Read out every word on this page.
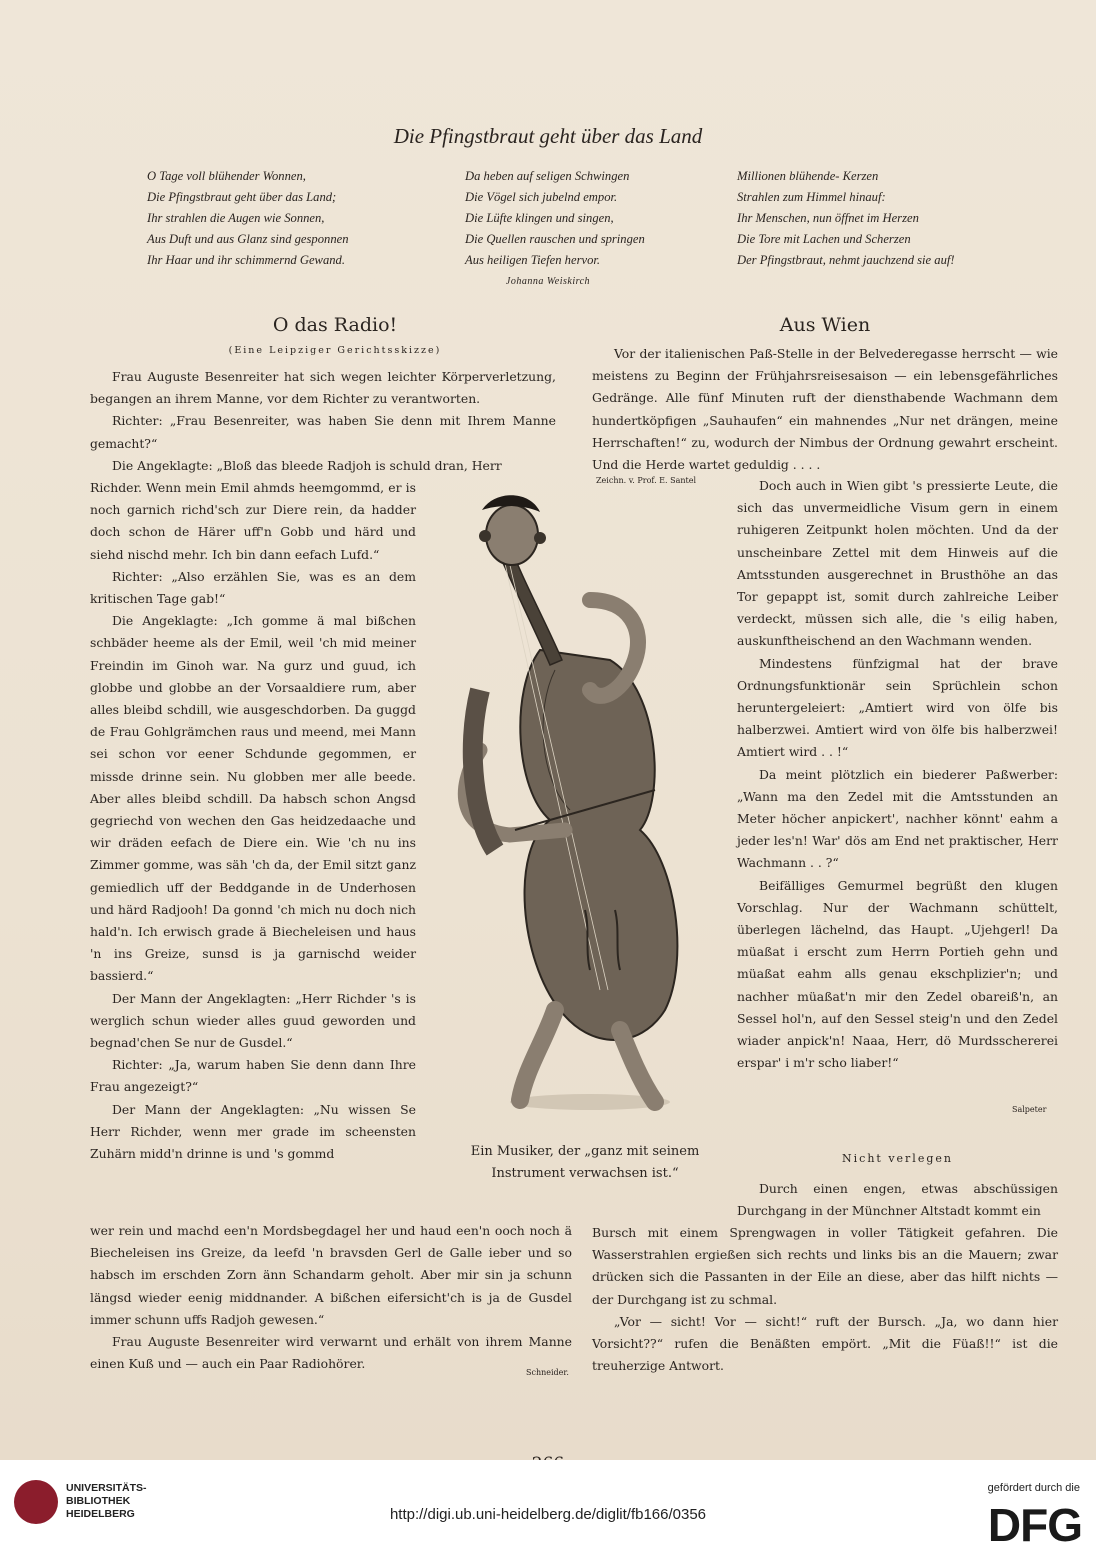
Die Pfingstbraut geht über das Land
O Tage voll blühender Wonnen,
Die Pfingstbraut geht über das Land;
Ihr strahlen die Augen wie Sonnen,
Aus Duft und aus Glanz sind gesponnen
Ihr Haar und ihr schimmernd Gewand.
Da heben auf seligen Schwingen
Die Vögel sich jubelnd empor.
Die Lüfte klingen und singen,
Die Quellen rauschen und springen
Aus heiligen Tiefen hervor.
Millionen blühende- Kerzen
Strahlen zum Himmel hinauf:
Ihr Menschen, nun öffnet im Herzen
Die Tore mit Lachen und Scherzen
Der Pfingstbraut, nehmt jauchzend sie auf!
Johanna Weiskirch
O das Radio!
(Eine Leipziger Gerichtsskizze)

Frau Auguste Besenreiter hat sich wegen leichter Körperverletzung, begangen an ihrem Manne, vor dem Richter zu verantworten.

Richter: „Frau Besenreiter, was haben Sie denn mit Ihrem Manne gemacht?“

Die Angeklagte: „Bloß das bleede Radjoh is schuld dran, Herr

Richder. Wenn mein Emil ahmds heemgommd, er is noch garnich richd'sch zur Diere rein, da hadder doch schon de Härer uff'n Gobb und härd und siehd nischd mehr. Ich bin dann eefach Lufd.“

Richter: „Also erzählen Sie, was es an dem kritischen Tage gab!“

Die Angeklagte: „Ich gomme ä mal bißchen schbäder heeme als der Emil, weil 'ch mid meiner Freindin im Ginoh war. Na gurz und guud, ich globbe und globbe an der Vorsaaldiere rum, aber alles bleibd schdill, wie ausgeschdorben. Da guggd de Frau Gohlgrämchen raus und meend, mei Mann sei schon vor eener Schdunde gegommen, er missde drinne sein. Nu globben mer alle beede. Aber alles bleibd schdill. Da habsch schon Angsd gegriechd von wechen den Gas heidzedaache und wir dräden eefach de Diere ein. Wie 'ch nu ins Zimmer gomme, was säh 'ch da, der Emil sitzt ganz gemiedlich uff der Beddgande in de Underhosen und härd Radjooh! Da gonnd 'ch mich nu doch nich hald'n. Ich erwisch grade ä Biecheleisen und haus 'n ins Greize, sunsd is ja garnischd weider bassierd.“

Der Mann der Angeklagten: „Herr Richder 's is werglich schun wieder alles guud geworden und begnad'chen Se nur de Gusdel.“

Richter: „Ja, warum haben Sie denn dann Ihre Frau angezeigt?“

Der Mann der Angeklagten: „Nu wissen Se Herr Richder, wenn mer grade im scheensten Zuhärn midd'n drinne is und 's gommd

wer rein und machd een'n Mordsbegdagel her und haud een'n ooch noch ä Biecheleisen ins Greize, da leefd 'n bravsden Gerl de Galle ieber und so habsch im erschden Zorn änn Schandarm geholt. Aber mir sin ja schunn längsd wieder eenig middnander. A bißchen eifersicht'ch is ja de Gusdel immer schunn uffs Radjoh gewesen.“

Frau Auguste Besenreiter wird verwarnt und erhält von ihrem Manne einen Kuß und — auch ein Paar Radiohörer.

Schneider.
Zeichn. v. Prof. E. Santel
Ein Musiker, der „ganz mit seinem Instrument verwachsen ist.“
Aus Wien

Vor der italienischen Paß-Stelle in der Belvederegasse herrscht — wie meistens zu Beginn der Frühjahrsreisesaison — ein lebensgefährliches Gedränge. Alle fünf Minuten ruft der diensthabende Wachmann dem hundertköpfigen „Sauhaufen“ ein mahnendes „Nur net drängen, meine Herrschaften!“ zu, wodurch der Nimbus der Ordnung gewahrt erscheint. Und die Herde wartet geduldig . . . .

Doch auch in Wien gibt 's pressierte Leute, die sich das unvermeidliche Visum gern in einem ruhigeren Zeitpunkt holen möchten. Und da der unscheinbare Zettel mit dem Hinweis auf die Amtsstunden ausgerechnet in Brusthöhe an das Tor gepappt ist, somit durch zahlreiche Leiber verdeckt, müssen sich alle, die 's eilig haben, auskunftheischend an den Wachmann wenden.

Mindestens fünfzigmal hat der brave Ordnungsfunktionär sein Sprüchlein schon heruntergeleiert: „Amtiert wird von ölfe bis halberzwei. Amtiert wird von ölfe bis halberzwei! Amtiert wird . . !“

Da meint plötzlich ein biederer Paßwerber: „Wann ma den Zedel mit die Amtsstunden an Meter höcher anpickert', nachher könnt' eahm a jeder les'n! War' dös am End net praktischer, Herr Wachmann . . ?“

Beifälliges Gemurmel begrüßt den klugen Vorschlag. Nur der Wachmann schüttelt, überlegen lächelnd, das Haupt. „Ujehgerl! Da müaßat i erscht zum Herrn Portieh gehn und müaßat eahm alls genau ekschplizier'n; und nachher müaßat'n mir den Zedel obareiß'n, an Sessel hol'n, auf den Sessel steig'n und den Zedel wiader anpick'n! Naaa, Herr, dö Murdsschererei erspar' i m'r scho liaber!“

Salpeter
Nicht verlegen

Durch einen engen, etwas abschüssigen Durchgang in der Münchner Altstadt kommt ein

Bursch mit einem Sprengwagen in voller Tätigkeit gefahren. Die Wasserstrahlen ergießen sich rechts und links bis an die Mauern; zwar drücken sich die Passanten in der Eile an diese, aber das hilft nichts — der Durchgang ist zu schmal.

„Vor — sicht! Vor — sicht!“ ruft der Bursch. „Ja, wo dann hier Vorsicht??“ rufen die Benäßten empört. „Mit die Füaß!!“ ist die treuherzige Antwort.

UNIVERSITÄTS-
BIBLIOTHEK
HEIDELBERG	http://digi.ub.uni-heidelberg.de/diglit/fb166/0356
gefördert durch die
DFG
